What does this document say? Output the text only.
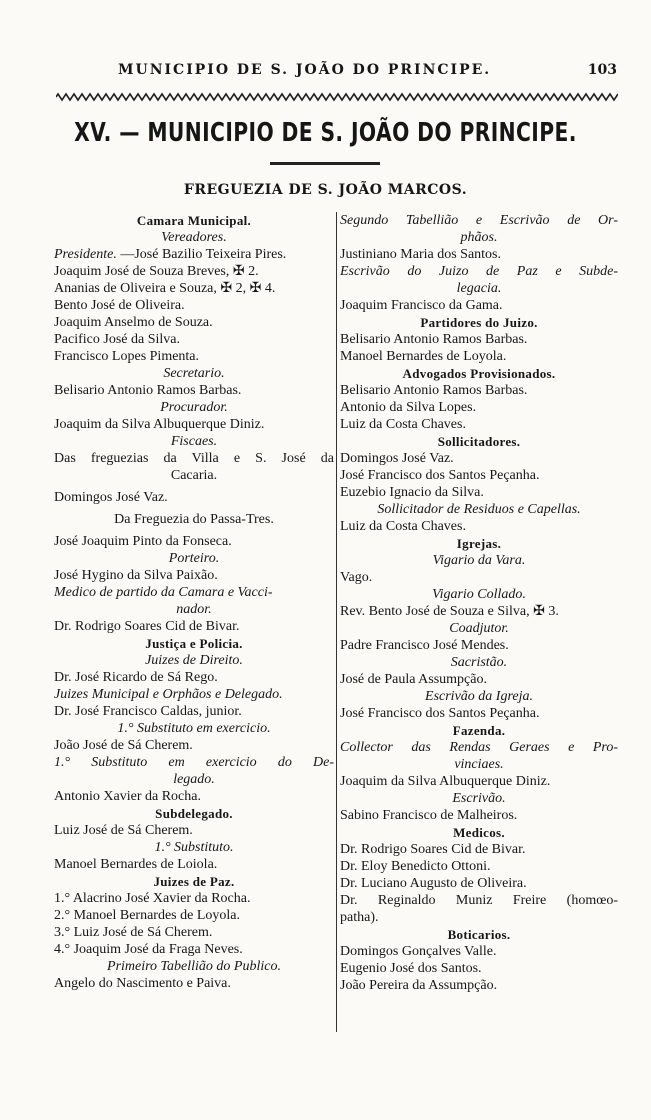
MUNICIPIO DE S. JOÃO DO PRINCIPE.	103
XV. — MUNICIPIO DE S. JOÃO DO PRINCIPE.
FREGUEZIA DE S. JOÃO MARCOS.
Camara Municipal.
Vereadores.
Presidente. —José Bazilio Teixeira Pires.
Joaquim José de Souza Breves, ✠ 2.
Ananias de Oliveira e Souza, ✠ 2, ✠ 4.
Bento José de Oliveira.
Joaquim Anselmo de Souza.
Pacifico José da Silva.
Francisco Lopes Pimenta.
Secretario.
Belisario Antonio Ramos Barbas.
Procurador.
Joaquim da Silva Albuquerque Diniz.
Fiscaes.
Das freguezias da Villa e S. José da
Cacaria.
Domingos José Vaz.
Da Freguezia do Passa-Tres.
José Joaquim Pinto da Fonseca.
Porteiro.
José Hygino da Silva Paixão.
Medico de partido da Camara e Vacci-
nador.
Dr. Rodrigo Soares Cid de Bivar.
Justiça e Policia.
Juizes de Direito.
Dr. José Ricardo de Sá Rego.
Juizes Municipal e Orphãos e Delegado.
Dr. José Francisco Caldas, junior.
1.° Substituto em exercicio.
João José de Sá Cherem.
1.° Substituto em exercicio do De-
legado.
Antonio Xavier da Rocha.
Subdelegado.
Luiz José de Sá Cherem.
1.° Substituto.
Manoel Bernardes de Loiola.
Juizes de Paz.
1.° Alacrino José Xavier da Rocha.
2.° Manoel Bernardes de Loyola.
3.° Luiz José de Sá Cherem.
4.° Joaquim José da Fraga Neves.
Primeiro Tabellião do Publico.
Angelo do Nascimento e Paiva.
Segundo Tabellião e Escrivão de Or-
phãos.
Justiniano Maria dos Santos.
Escrivão do Juizo de Paz e Subde-
legacia.
Joaquim Francisco da Gama.
Partidores do Juizo.
Belisario Antonio Ramos Barbas.
Manoel Bernardes de Loyola.
Advogados Provisionados.
Belisario Antonio Ramos Barbas.
Antonio da Silva Lopes.
Luiz da Costa Chaves.
Sollicitadores.
Domingos José Vaz.
José Francisco dos Santos Peçanha.
Euzebio Ignacio da Silva.
Sollicitador de Residuos e Capellas.
Luiz da Costa Chaves.
Igrejas.
Vigario da Vara.
Vago.
Vigario Collado.
Rev. Bento José de Souza e Silva, ✠ 3.
Coadjutor.
Padre Francisco José Mendes.
Sacristão.
José de Paula Assumpção.
Escrivão da Igreja.
José Francisco dos Santos Peçanha.
Fazenda.
Collector das Rendas Geraes e Pro-
vinciaes.
Joaquim da Silva Albuquerque Diniz.
Escrivão.
Sabino Francisco de Malheiros.
Medicos.
Dr. Rodrigo Soares Cid de Bivar.
Dr. Eloy Benedicto Ottoni.
Dr. Luciano Augusto de Oliveira.
Dr. Reginaldo Muniz Freire (homœo-
patha).
Boticarios.
Domingos Gonçalves Valle.
Eugenio José dos Santos.
João Pereira da Assumpção.
